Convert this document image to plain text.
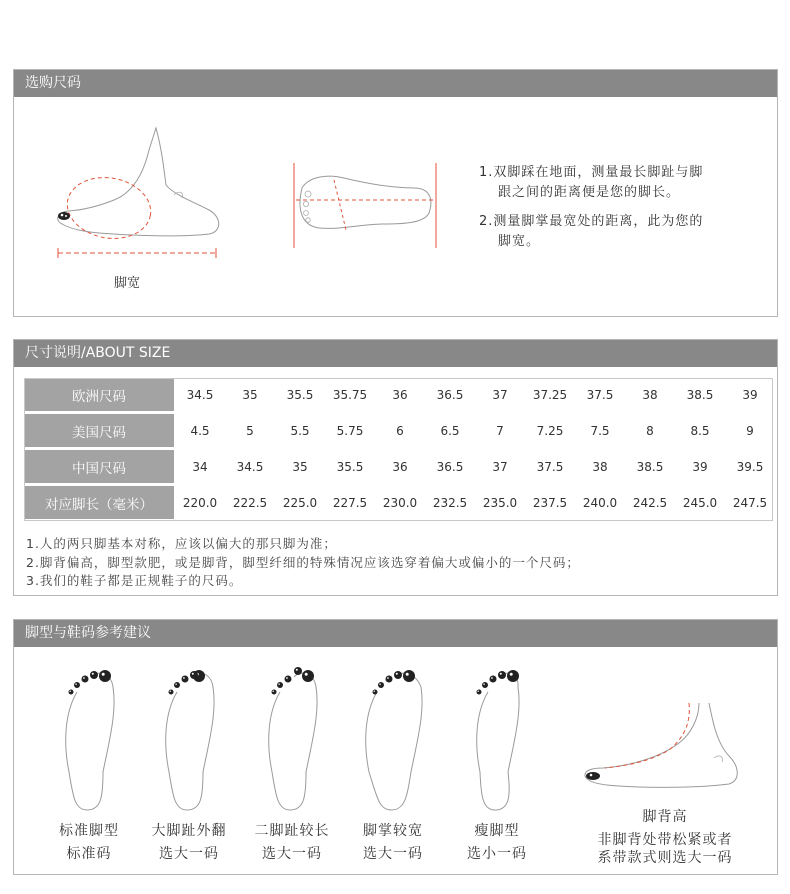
选购尺码
脚宽
1.双脚踩在地面，测量最长脚趾与脚
跟之间的距离便是您的脚长。
2.测量脚掌最宽处的距离，此为您的
脚宽。
尺寸说明/ABOUT SIZE
欧洲尺码	34.5	35	35.5	35.75	36	36.5	37	37.25	37.5	38	38.5	39
美国尺码	4.5	5	5.5	5.75	6	6.5	7	7.25	7.5	8	8.5	9
中国尺码	34	34.5	35	35.5	36	36.5	37	37.5	38	38.5	39	39.5
对应脚长（毫米）	220.0	222.5	225.0	227.5	230.0	232.5	235.0	237.5	240.0	242.5	245.0	247.5
1.人的两只脚基本对称，应该以偏大的那只脚为准；
2.脚背偏高，脚型款肥，或是脚背，脚型纤细的特殊情况应该选穿着偏大或偏小的一个尺码；
3.我们的鞋子都是正规鞋子的尺码。
脚型与鞋码参考建议
标准脚型
标准码
大脚趾外翻
选大一码
二脚趾较长
选大一码
脚掌较宽
选大一码
瘦脚型
选小一码
脚背高
非脚背处带松紧或者
系带款式则选大一码
